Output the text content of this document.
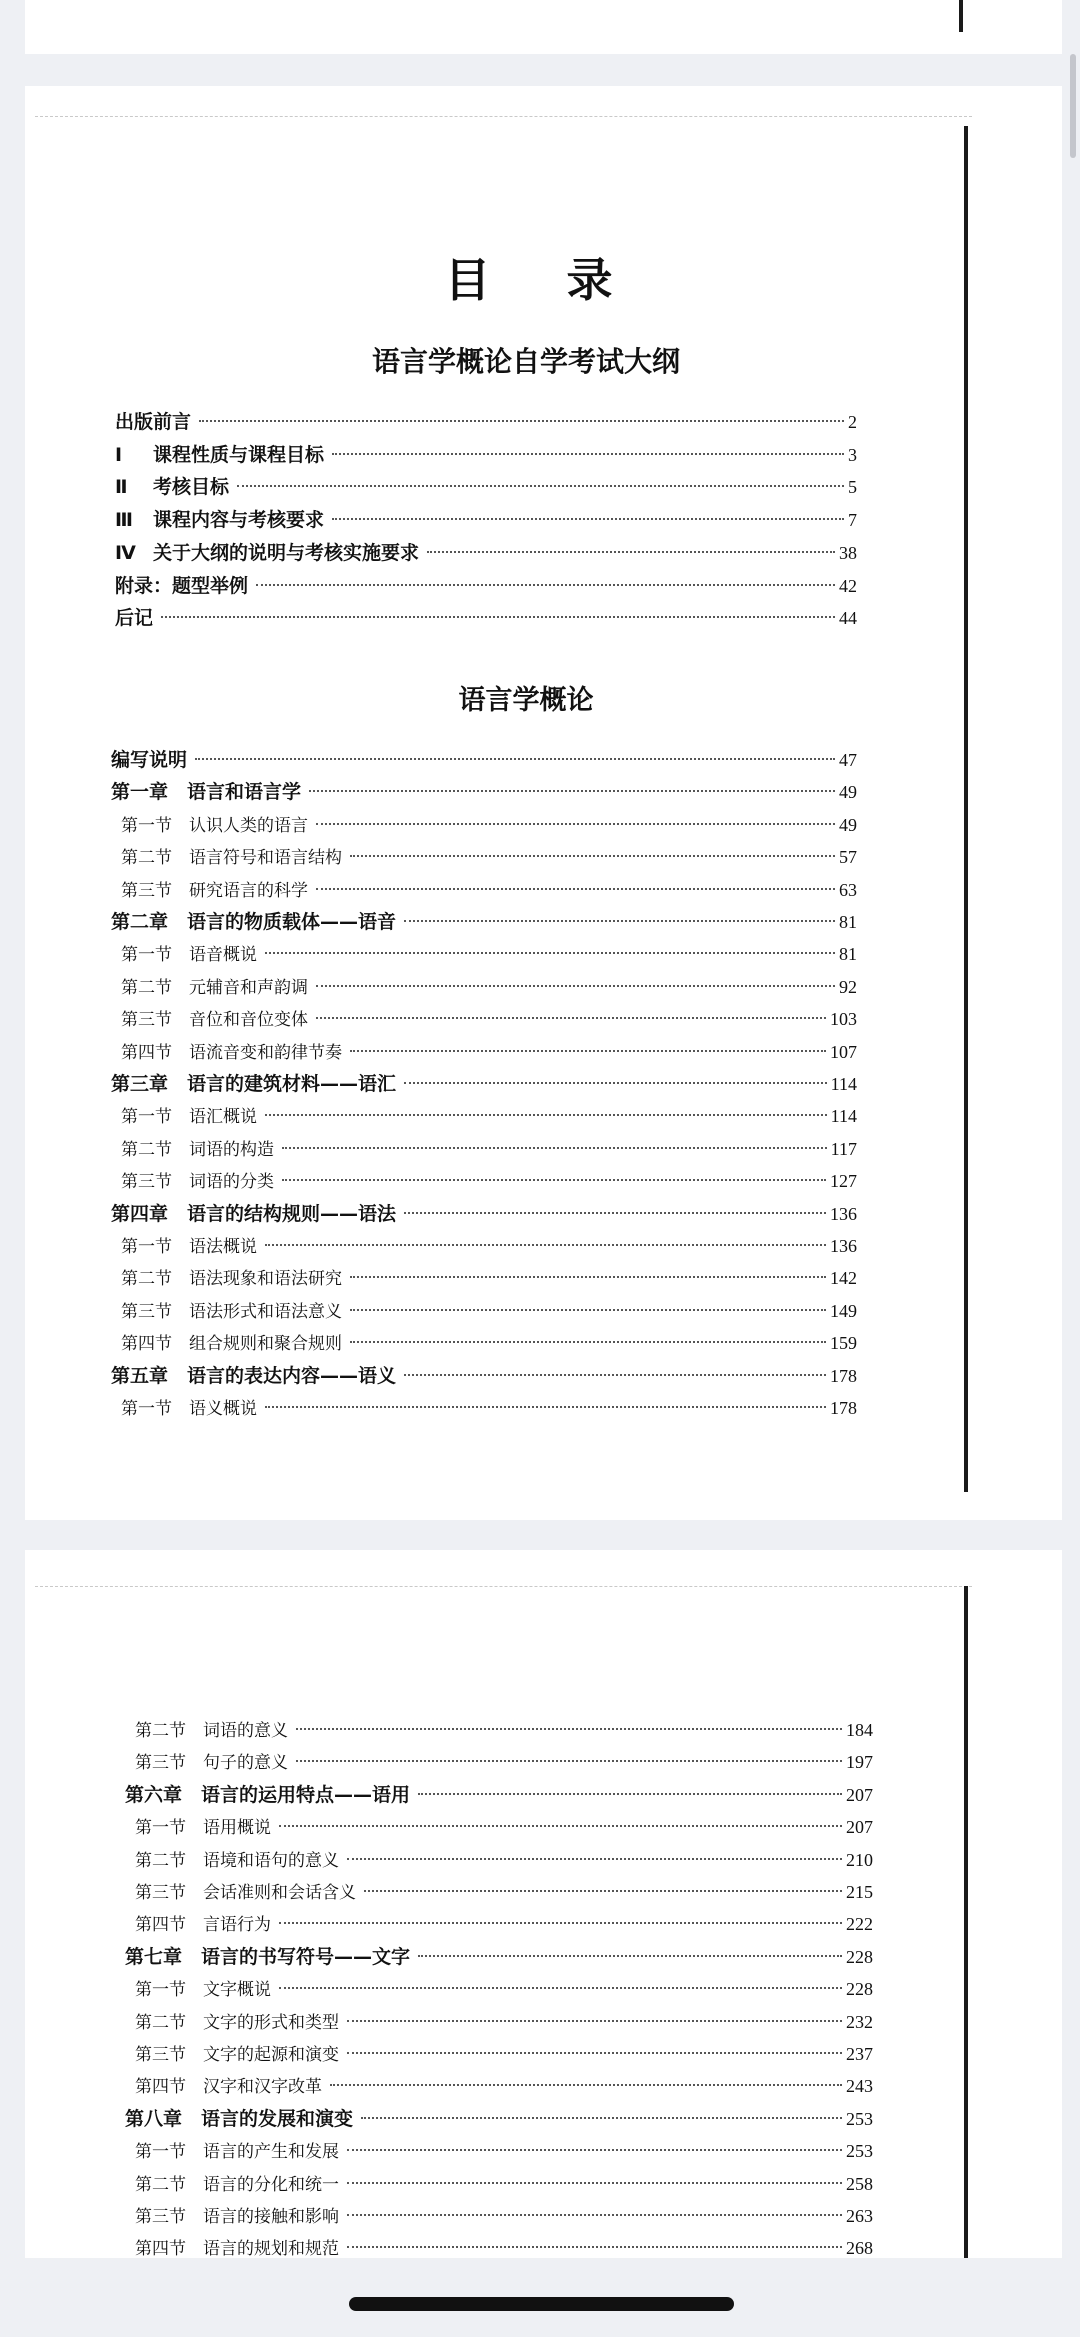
目 录
语言学概论自学考试大纲
出版前言	2
Ⅰ 课程性质与课程目标	3
Ⅱ 考核目标	5
Ⅲ 课程内容与考核要求	7
Ⅳ 关于大纲的说明与考核实施要求	38
附录：题型举例	42
后记	44
语言学概论
编写说明	47
第一章　语言和语言学	49
第一节　认识人类的语言	49
第二节　语言符号和语言结构	57
第三节　研究语言的科学	63
第二章　语言的物质载体——语音	81
第一节　语音概说	81
第二节　元辅音和声韵调	92
第三节　音位和音位变体	103
第四节　语流音变和韵律节奏	107
第三章　语言的建筑材料——语汇	114
第一节　语汇概说	114
第二节　词语的构造	117
第三节　词语的分类	127
第四章　语言的结构规则——语法	136
第一节　语法概说	136
第二节　语法现象和语法研究	142
第三节　语法形式和语法意义	149
第四节　组合规则和聚合规则	159
第五章　语言的表达内容——语义	178
第一节　语义概说	178
第二节　词语的意义	184
第三节　句子的意义	197
第六章　语言的运用特点——语用	207
第一节　语用概说	207
第二节　语境和语句的意义	210
第三节　会话准则和会话含义	215
第四节　言语行为	222
第七章　语言的书写符号——文字	228
第一节　文字概说	228
第二节　文字的形式和类型	232
第三节　文字的起源和演变	237
第四节　汉字和汉字改革	243
第八章　语言的发展和演变	253
第一节　语言的产生和发展	253
第二节　语言的分化和统一	258
第三节　语言的接触和影响	263
第四节　语言的规划和规范	268
